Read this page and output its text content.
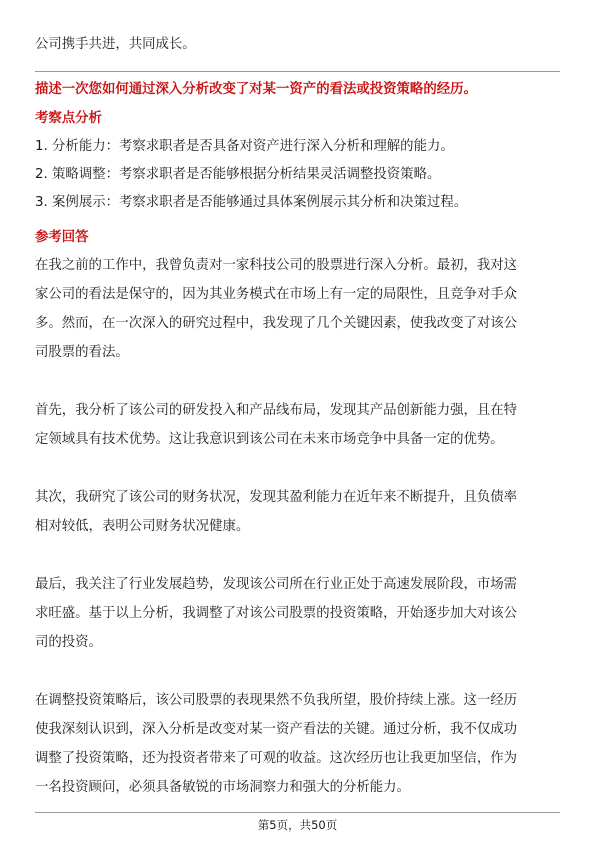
公司携手共进，共同成长。
描述一次您如何通过深入分析改变了对某一资产的看法或投资策略的经历。
考察点分析
1. 分析能力：考察求职者是否具备对资产进行深入分析和理解的能力。
2. 策略调整：考察求职者是否能够根据分析结果灵活调整投资策略。
3. 案例展示：考察求职者是否能够通过具体案例展示其分析和决策过程。
参考回答
在我之前的工作中，我曾负责对一家科技公司的股票进行深入分析。最初，我对这
家公司的看法是保守的，因为其业务模式在市场上有一定的局限性，且竞争对手众
多。然而，在一次深入的研究过程中，我发现了几个关键因素，使我改变了对该公
司股票的看法。
首先，我分析了该公司的研发投入和产品线布局，发现其产品创新能力强，且在特
定领域具有技术优势。这让我意识到该公司在未来市场竞争中具备一定的优势。
其次，我研究了该公司的财务状况，发现其盈利能力在近年来不断提升，且负债率
相对较低，表明公司财务状况健康。
最后，我关注了行业发展趋势，发现该公司所在行业正处于高速发展阶段，市场需
求旺盛。基于以上分析，我调整了对该公司股票的投资策略，开始逐步加大对该公
司的投资。
在调整投资策略后，该公司股票的表现果然不负我所望，股价持续上涨。这一经历
使我深刻认识到，深入分析是改变对某一资产看法的关键。通过分析，我不仅成功
调整了投资策略，还为投资者带来了可观的收益。这次经历也让我更加坚信，作为
一名投资顾问，必须具备敏锐的市场洞察力和强大的分析能力。
第5页，共50页
